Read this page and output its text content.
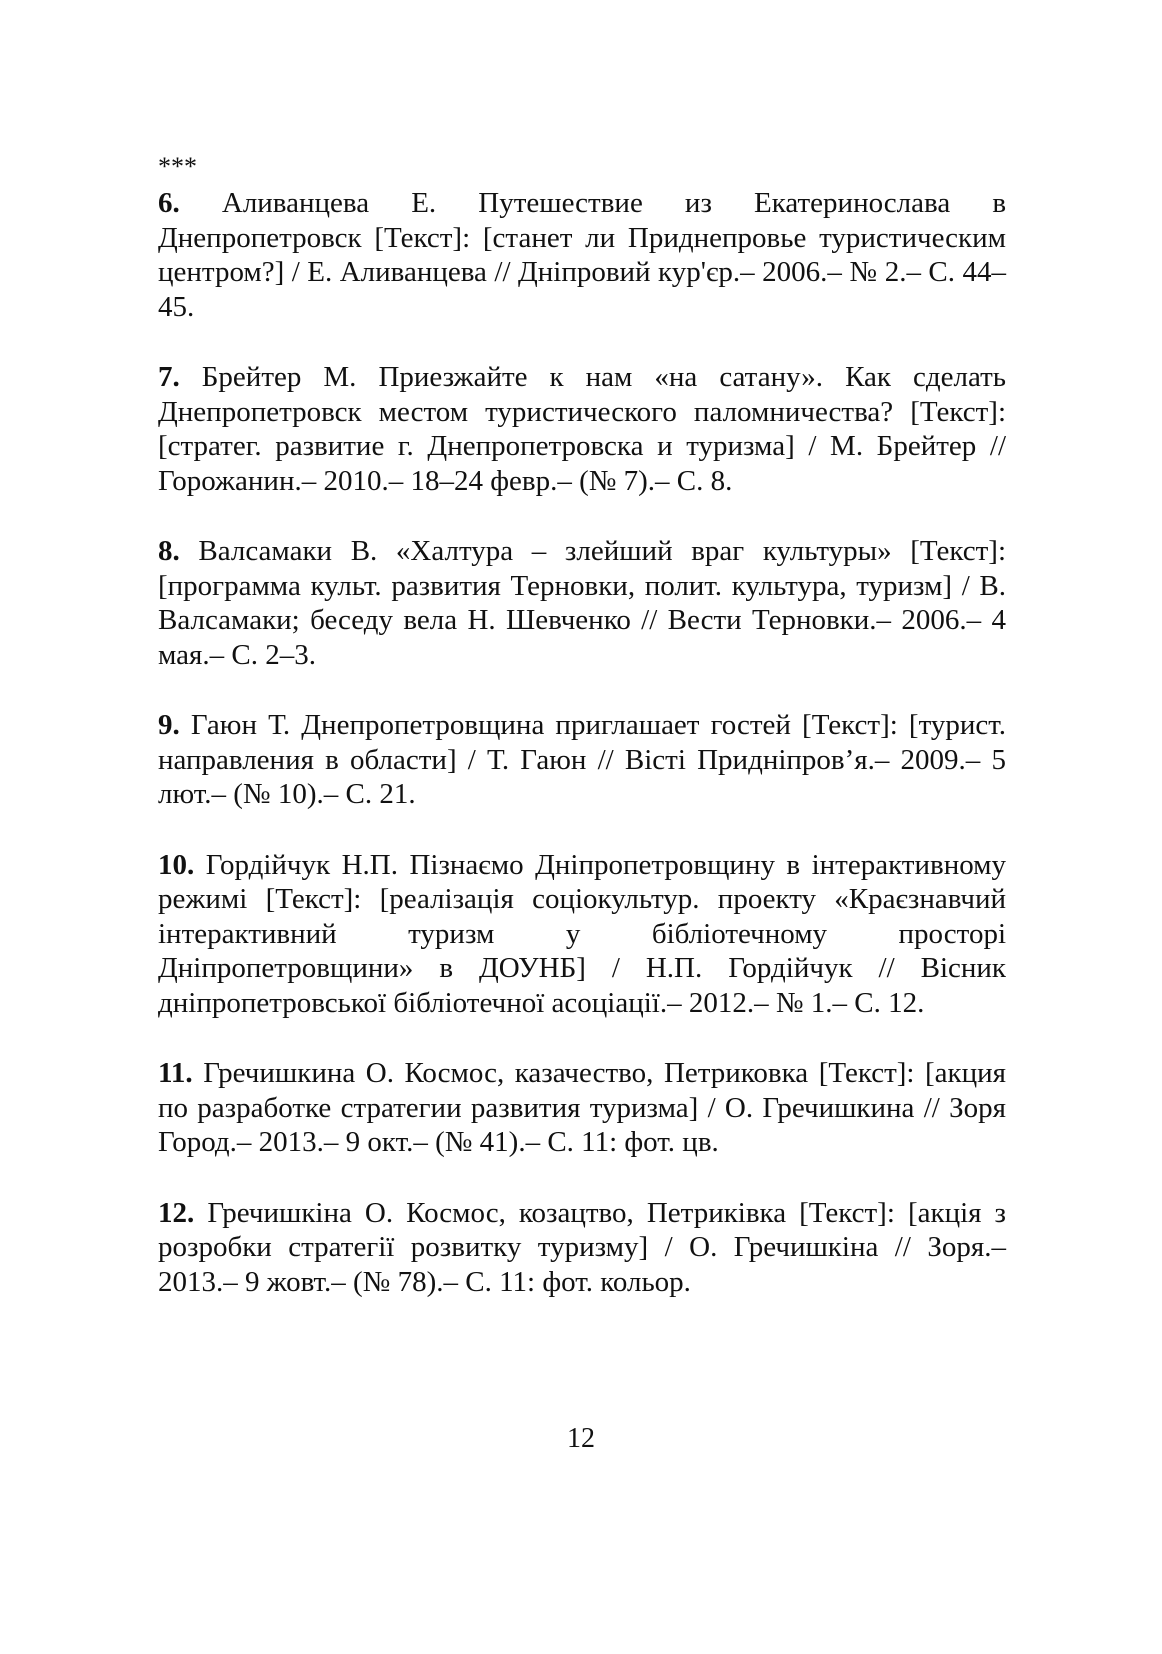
***

6. Аливанцева Е. Путешествие из Екатеринослава в Днепропетровск [Текст]: [станет ли Приднепровье туристическим центром?] / Е. Аливанцева // Дніпровий кур'єр.– 2006.– № 2.– С. 44–45.

7. Брейтер М. Приезжайте к нам «на сатану». Как сделать Днепропетровск местом туристического паломничества? [Текст]: [стратег. развитие г. Днепропетровска и туризма] / М. Брейтер // Горожанин.– 2010.– 18–24 февр.– (№ 7).– С. 8.

8. Валсамаки В. «Халтура – злейший враг культуры» [Текст]: [программа культ. развития Терновки, полит. культура, туризм] / В. Валсамаки; беседу вела Н. Шевченко // Вести Терновки.– 2006.– 4 мая.– С. 2–3.

9. Гаюн Т. Днепропетровщина приглашает гостей [Текст]: [турист. направления в области] / Т. Гаюн // Вісті Придніпров’я.– 2009.– 5 лют.– (№ 10).– С. 21.

10. Гордійчук Н.П. Пізнаємо Дніпропетровщину в інтерактивному режимі [Текст]: [реалізація соціокультур. проекту «Краєзнавчий інтерактивний туризм у бібліотечному просторі Дніпропетровщини» в ДОУНБ] / Н.П. Гордійчук // Вісник дніпропетровської бібліотечної асоціації.– 2012.– № 1.– С. 12.

11. Гречишкина О. Космос, казачество, Петриковка [Текст]: [акция по разработке стратегии развития туризма] / О. Гречишкина // Зоря Город.– 2013.– 9 окт.– (№ 41).– С. 11: фот. цв.

12. Гречишкіна О. Космос, козацтво, Петриківка [Текст]: [акція з розробки стратегії розвитку туризму] / О. Гречишкіна // Зоря.– 2013.– 9 жовт.– (№ 78).– С. 11: фот. кольор.

12
